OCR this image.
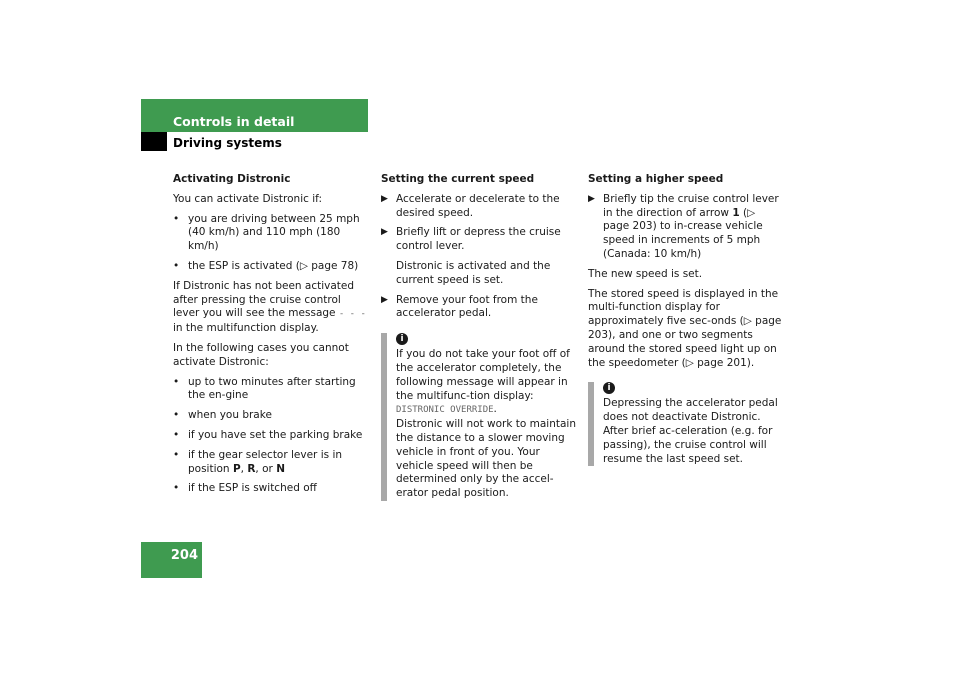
Controls in detail
Driving systems
204
Activating Distronic
You can activate Distronic if:
• you are driving between 25 mph
(40 km/h) and 110 mph (180 km/h)
• the ESP is activated (▷ page 78)
If Distronic has not been activated after pressing the cruise control lever you will see the message - - - in the multifunction display.
In the following cases you cannot activate Distronic:
• up to two minutes after starting the en-gine
• when you brake
• if you have set the parking brake
• if the gear selector lever is in position P, R, or N
• if the ESP is switched off
Setting the current speed
▶ Accelerate or decelerate to the desired speed.
▶ Briefly lift or depress the cruise control lever.
Distronic is activated and the current speed is set.
▶ Remove your foot from the accelerator pedal.
i
If you do not take your foot off of the accelerator completely, the following message will appear in the multifunc-tion display:
DISTRONIC OVERRIDE.
Distronic will not work to maintain the distance to a slower moving vehicle in front of you. Your vehicle speed will then be determined only by the accel-erator pedal position.
Setting a higher speed
▶ Briefly tip the cruise control lever in the direction of arrow 1 (▷ page 203) to in-crease vehicle speed in increments of 5 mph (Canada: 10 km/h)
The new speed is set.
The stored speed is displayed in the multi-function display for approximately five sec-onds (▷ page 203), and one or two segments around the stored speed light up on the speedometer (▷ page 201).
i
Depressing the accelerator pedal does not deactivate Distronic. After brief ac-celeration (e.g. for passing), the cruise control will resume the last speed set.
